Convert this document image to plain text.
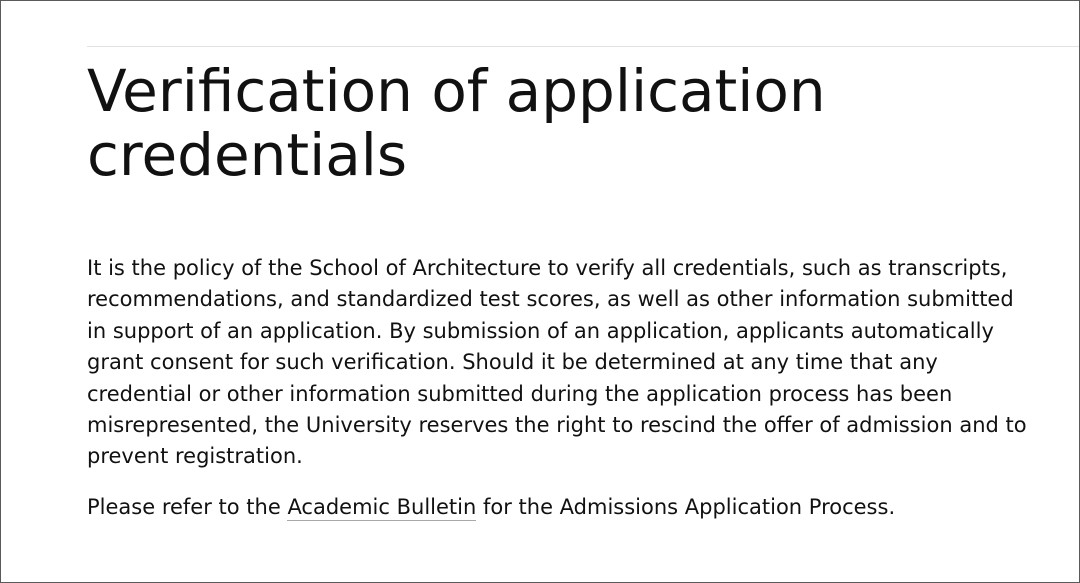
Verification of application credentials

It is the policy of the School of Architecture to verify all credentials, such as transcripts, recommendations, and standardized test scores, as well as other information submitted in support of an application. By submission of an application, applicants automatically grant consent for such verification. Should it be determined at any time that any credential or other information submitted during the application process has been misrepresented, the University reserves the right to rescind the offer of admission and to prevent registration.

Please refer to the Academic Bulletin for the Admissions Application Process.
